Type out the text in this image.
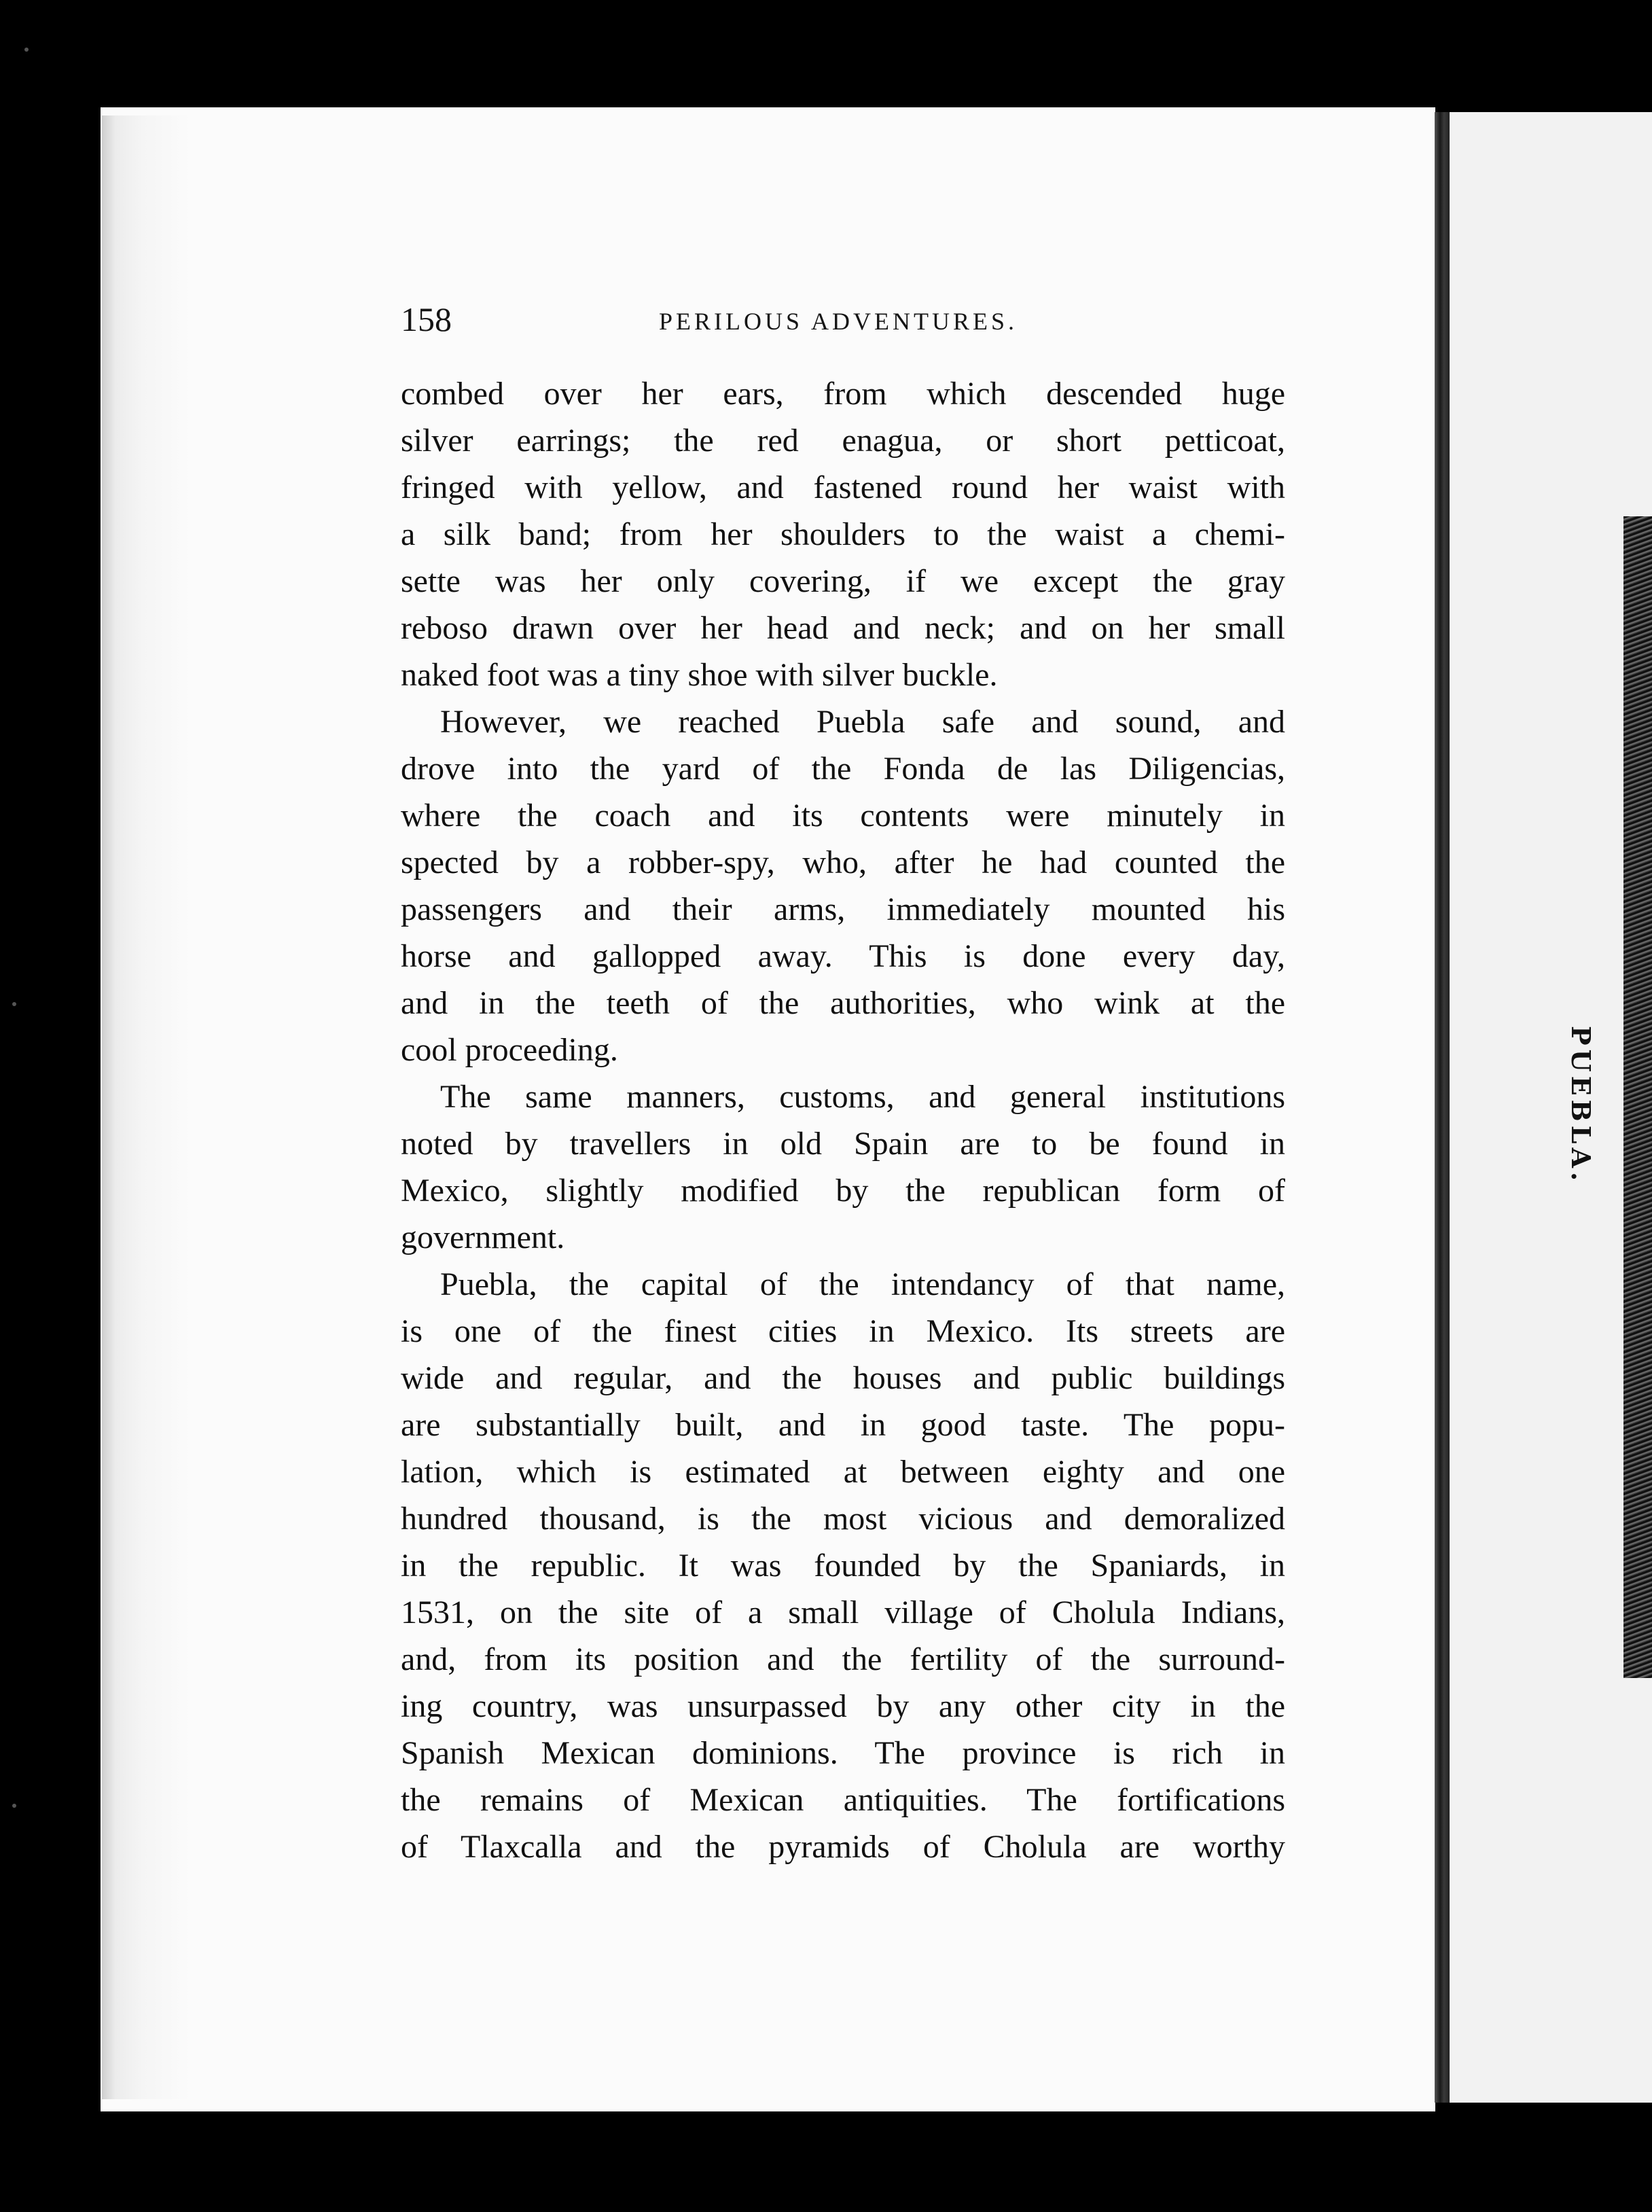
PUEBLA.
158	PERILOUS ADVENTURES.
combed over her ears, from which descended huge
silver earrings; the red enagua, or short petticoat,
fringed with yellow, and fastened round her waist with
a silk band; from her shoulders to the waist a chemi-
sette was her only covering, if we except the gray
reboso drawn over her head and neck; and on her small
naked foot was a tiny shoe with silver buckle.
However, we reached Puebla safe and sound, and
drove into the yard of the Fonda de las Diligencias,
where the coach and its contents were minutely in
spected by a robber-spy, who, after he had counted the
passengers and their arms, immediately mounted his
horse and gallopped away. This is done every day,
and in the teeth of the authorities, who wink at the
cool proceeding.
The same manners, customs, and general institutions
noted by travellers in old Spain are to be found in
Mexico, slightly modified by the republican form of
government.
Puebla, the capital of the intendancy of that name,
is one of the finest cities in Mexico. Its streets are
wide and regular, and the houses and public buildings
are substantially built, and in good taste. The popu-
lation, which is estimated at between eighty and one
hundred thousand, is the most vicious and demoralized
in the republic. It was founded by the Spaniards, in
1531, on the site of a small village of Cholula Indians,
and, from its position and the fertility of the surround-
ing country, was unsurpassed by any other city in the
Spanish Mexican dominions. The province is rich in
the remains of Mexican antiquities. The fortifications
of Tlaxcalla and the pyramids of Cholula are worthy
